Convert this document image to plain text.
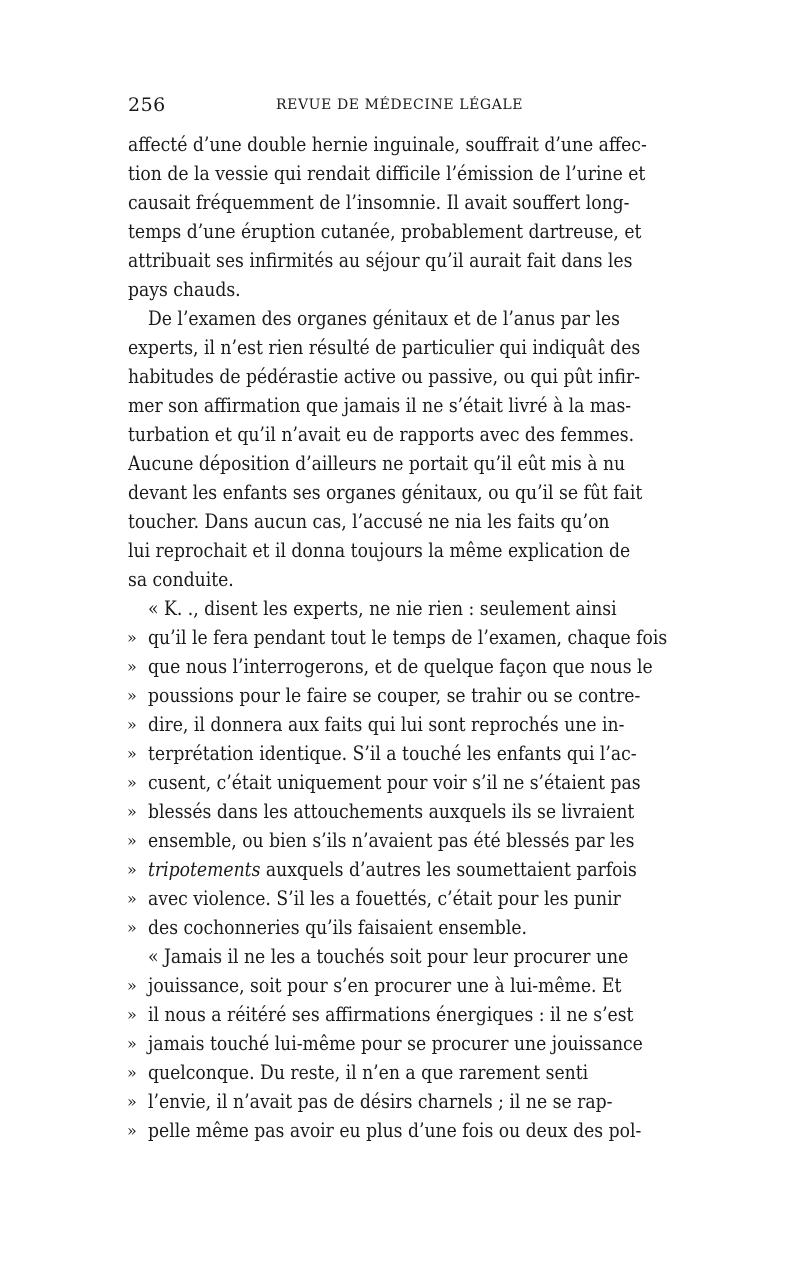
256	REVUE DE MÉDECINE LÉGALE
affecté d’une double hernie inguinale, souffrait d’une affec-
tion de la vessie qui rendait difficile l’émission de l’urine et
causait fréquemment de l’insomnie. Il avait souffert long-
temps d’une éruption cutanée, probablement dartreuse, et
attribuait ses infirmités au séjour qu’il aurait fait dans les
pays chauds.
De l’examen des organes génitaux et de l’anus par les
experts, il n’est rien résulté de particulier qui indiquât des
habitudes de pédérastie active ou passive, ou qui pût infir-
mer son affirmation que jamais il ne s’était livré à la mas-
turbation et qu’il n’avait eu de rapports avec des femmes.
Aucune déposition d’ailleurs ne portait qu’il eût mis à nu
devant les enfants ses organes génitaux, ou qu’il se fût fait
toucher. Dans aucun cas, l’accusé ne nia les faits qu’on
lui reprochait et il donna toujours la même explication de
sa conduite.
« K. ., disent les experts, ne nie rien : seulement ainsi
» qu’il le fera pendant tout le temps de l’examen, chaque fois
» que nous l’interrogerons, et de quelque façon que nous le
» poussions pour le faire se couper, se trahir ou se contre-
» dire, il donnera aux faits qui lui sont reprochés une in-
» terprétation identique. S’il a touché les enfants qui l’ac-
» cusent, c’était uniquement pour voir s’il ne s’étaient pas
» blessés dans les attouchements auxquels ils se livraient
» ensemble, ou bien s’ils n’avaient pas été blessés par les
» tripotements auxquels d’autres les soumettaient parfois
» avec violence. S’il les a fouettés, c’était pour les punir
» des cochonneries qu’ils faisaient ensemble.
« Jamais il ne les a touchés soit pour leur procurer une
» jouissance, soit pour s’en procurer une à lui-même. Et
» il nous a réitéré ses affirmations énergiques : il ne s’est
» jamais touché lui-même pour se procurer une jouissance
» quelconque. Du reste, il n’en a que rarement senti
» l’envie, il n’avait pas de désirs charnels ; il ne se rap-
» pelle même pas avoir eu plus d’une fois ou deux des pol-
